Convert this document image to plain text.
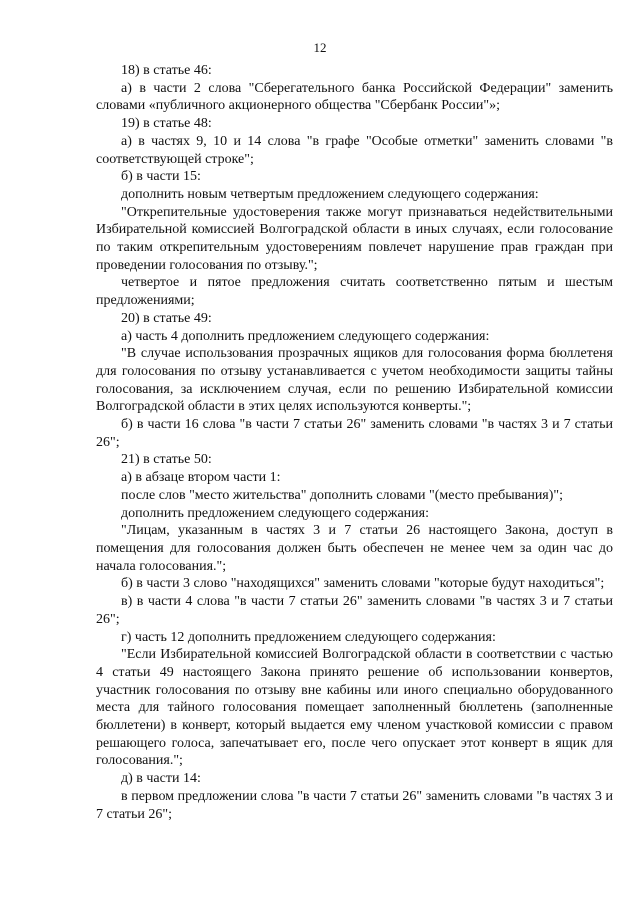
12

18) в статье 46:

а) в части 2 слова "Сберегательного банка Российской Федерации" заменить словами «публичного акционерного общества "Сбербанк России"»;

19) в статье 48:

а) в частях 9, 10 и 14 слова "в графе "Особые отметки" заменить словами "в соответствующей строке";

б) в части 15:

дополнить новым четвертым предложением следующего содержания:

"Открепительные удостоверения также могут признаваться недействительными Избирательной комиссией Волгоградской области в иных случаях, если голосование по таким открепительным удостоверениям повлечет нарушение прав граждан при проведении голосования по отзыву.";

четвертое и пятое предложения считать соответственно пятым и шестым предложениями;

20) в статье 49:

а) часть 4 дополнить предложением следующего содержания:

"В случае использования прозрачных ящиков для голосования форма бюллетеня для голосования по отзыву устанавливается с учетом необходимости защиты тайны голосования, за исключением случая, если по решению Избирательной комиссии Волгоградской области в этих целях используются конверты.";

б) в части 16 слова "в части 7 статьи 26" заменить словами "в частях 3 и 7 статьи 26";

21) в статье 50:

а) в абзаце втором части 1:

после слов "место жительства" дополнить словами "(место пребывания)";

дополнить предложением следующего содержания:

"Лицам, указанным в частях 3 и 7 статьи 26 настоящего Закона, доступ в помещения для голосования должен быть обеспечен не менее чем за один час до начала голосования.";

б) в части 3 слово "находящихся" заменить словами "которые будут находиться";

в) в части 4 слова "в части 7 статьи 26" заменить словами "в частях 3 и 7 статьи 26";

г) часть 12 дополнить предложением следующего содержания:

"Если Избирательной комиссией Волгоградской области в соответствии с частью 4 статьи 49 настоящего Закона принято решение об использовании конвертов, участник голосования по отзыву вне кабины или иного специально оборудованного места для тайного голосования помещает заполненный бюллетень (заполненные бюллетени) в конверт, который выдается ему членом участковой комиссии с правом решающего голоса, запечатывает его, после чего опускает этот конверт в ящик для голосования.";

д) в части 14:

в первом предложении слова "в части 7 статьи 26" заменить словами "в частях 3 и 7 статьи 26";
